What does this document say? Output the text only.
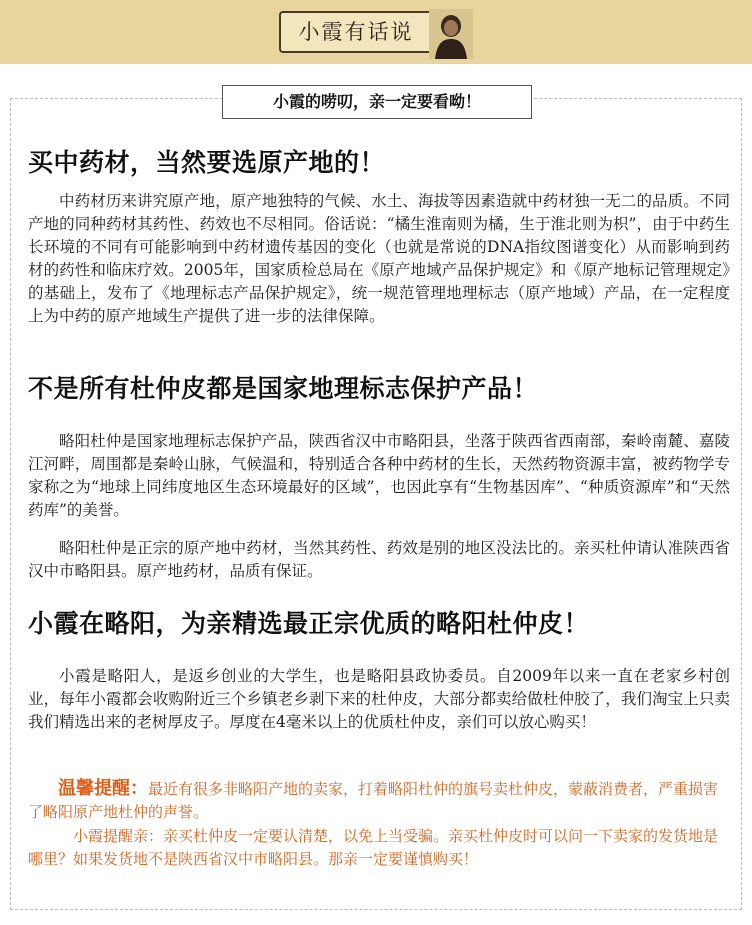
小霞有话说
小霞的唠叨，亲一定要看呦！
买中药材，当然要选原产地的！
中药材历来讲究原产地，原产地独特的气候、水土、海拔等因素造就中药材独一无二的品质。不同产地的同种药材其药性、药效也不尽相同。俗话说：“橘生淮南则为橘，生于淮北则为枳”，由于中药生长环境的不同有可能影响到中药材遗传基因的变化（也就是常说的DNA指纹图谱变化）从而影响到药材的药性和临床疗效。2005年，国家质检总局在《原产地域产品保护规定》和《原产地标记管理规定》的基础上，发布了《地理标志产品保护规定》，统一规范管理地理标志（原产地域）产品，在一定程度上为中药的原产地域生产提供了进一步的法律保障。
不是所有杜仲皮都是国家地理标志保护产品！
略阳杜仲是国家地理标志保护产品，陕西省汉中市略阳县，坐落于陕西省西南部，秦岭南麓、嘉陵江河畔，周围都是秦岭山脉，气候温和，特别适合各种中药材的生长，天然药物资源丰富，被药物学专家称之为“地球上同纬度地区生态环境最好的区域”，也因此享有“生物基因库”、“种质资源库”和“天然药库”的美誉。
略阳杜仲是正宗的原产地中药材，当然其药性、药效是别的地区没法比的。亲买杜仲请认准陕西省汉中市略阳县。原产地药材，品质有保证。
小霞在略阳，为亲精选最正宗优质的略阳杜仲皮！
小霞是略阳人，是返乡创业的大学生，也是略阳县政协委员。自2009年以来一直在老家乡村创业，每年小霞都会收购附近三个乡镇老乡剥下来的杜仲皮，大部分都卖给做杜仲胶了，我们淘宝上只卖我们精选出来的老树厚皮子。厚度在4毫米以上的优质杜仲皮，亲们可以放心购买！
温馨提醒：最近有很多非略阳产地的卖家，打着略阳杜仲的旗号卖杜仲皮，蒙蔽消费者，严重损害了略阳原产地杜仲的声誉。
小霞提醒亲：亲买杜仲皮一定要认清楚，以免上当受骗。亲买杜仲皮时可以问一下卖家的发货地是哪里？如果发货地不是陕西省汉中市略阳县。那亲一定要谨慎购买！
